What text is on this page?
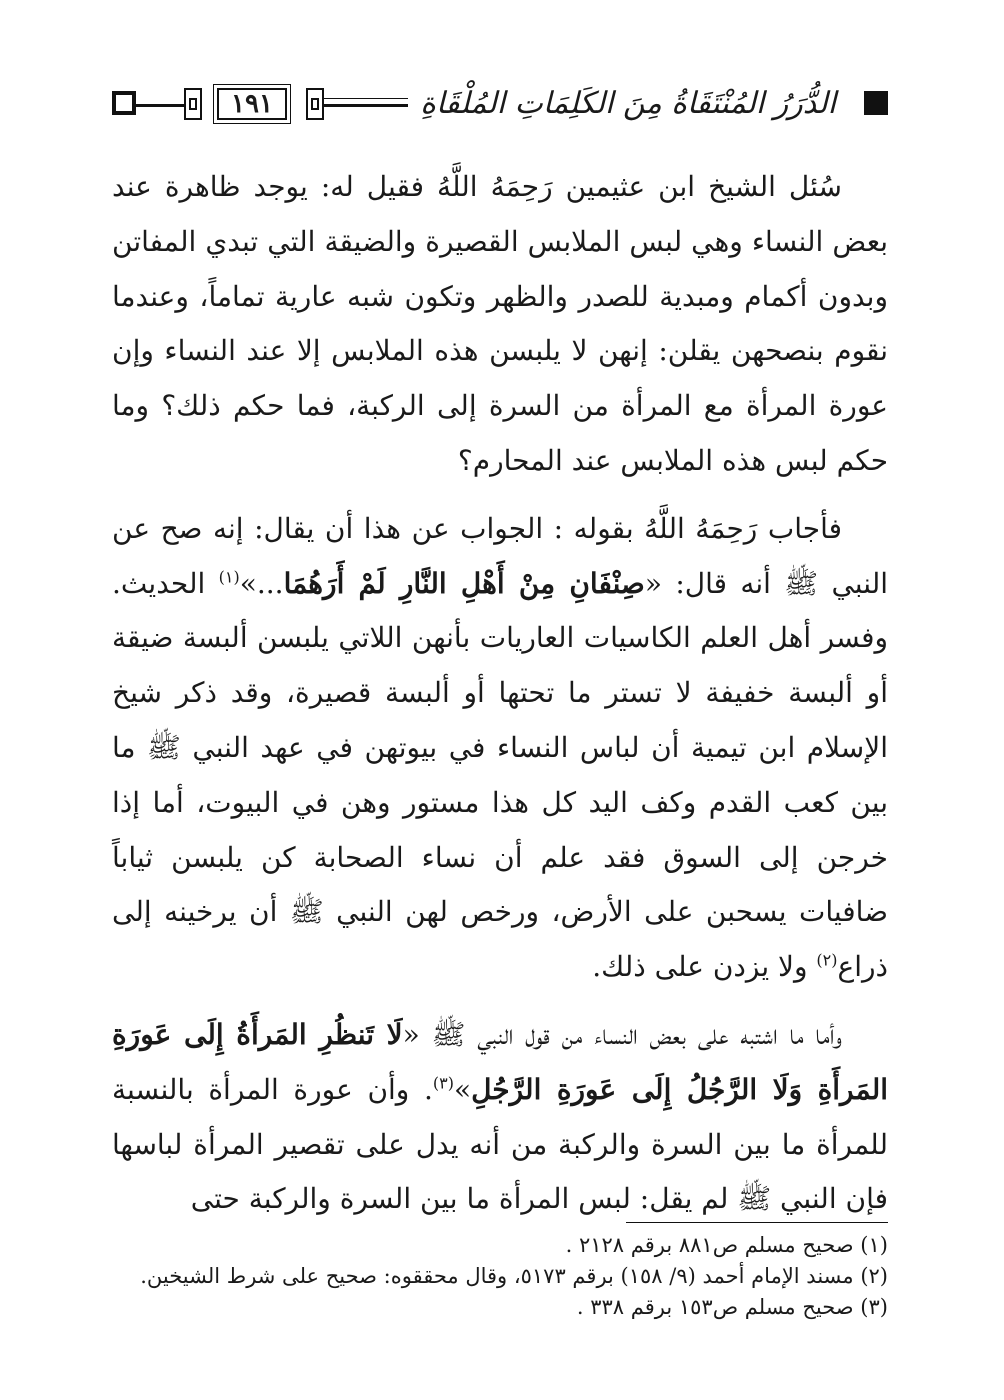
١٩١	الدُّرَرُ المُنْتَقَاةُ مِنَ الكَلِمَاتِ المُلْقَاةِ

سُئل الشيخ ابن عثيمين رَحِمَهُ اللَّهُ فقيل له: يوجد ظاهرة عند بعض النساء وهي لبس الملابس القصيرة والضيقة التي تبدي المفاتن وبدون أكمام ومبدية للصدر والظهر وتكون شبه عارية تماماً، وعندما نقوم بنصحهن يقلن: إنهن لا يلبسن هذه الملابس إلا عند النساء وإن عورة المرأة مع المرأة من السرة إلى الركبة، فما حكم ذلك؟ وما حكم لبس هذه الملابس عند المحارم؟

فأجاب رَحِمَهُ اللَّهُ بقوله : الجواب عن هذا أن يقال: إنه صح عن النبي ﷺ أنه قال: «صِنْفَانِ مِنْ أَهْلِ النَّارِ لَمْ أَرَهُمَا...»$^{(١)}$ الحديث. وفسر أهل العلم الكاسيات العاريات بأنهن اللاتي يلبسن ألبسة ضيقة أو ألبسة خفيفة لا تستر ما تحتها أو ألبسة قصيرة، وقد ذكر شيخ الإسلام ابن تيمية أن لباس النساء في بيوتهن في عهد النبي ﷺ ما بين كعب القدم وكف اليد كل هذا مستور وهن في البيوت، أما إذا خرجن إلى السوق فقد علم أن نساء الصحابة كن يلبسن ثياباً ضافيات يسحبن على الأرض، ورخص لهن النبي ﷺ أن يرخينه إلى ذراع$^{(٢)}$ ولا يزدن على ذلك.

وأما ما اشتبه على بعض النساء من قول النبي ﷺ «لَا تَنظُرِ المَرأَةُ إِلَى عَورَةِ المَرأَةِ وَلَا الرَّجُلُ إِلَى عَورَةِ الرَّجُلِ»$^{(٣)}$. وأن عورة المرأة بالنسبة للمرأة ما بين السرة والركبة من أنه يدل على تقصير المرأة لباسها فإن النبي ﷺ لم يقل: لبس المرأة ما بين السرة والركبة حتى

(١) صحيح مسلم ص٨٨١ برقم ٢١٢٨ .
(٢) مسند الإمام أحمد (٩/ ١٥٨) برقم ٥١٧٣، وقال محققوه: صحيح على شرط الشيخين.
(٣) صحيح مسلم ص١٥٣ برقم ٣٣٨ .
